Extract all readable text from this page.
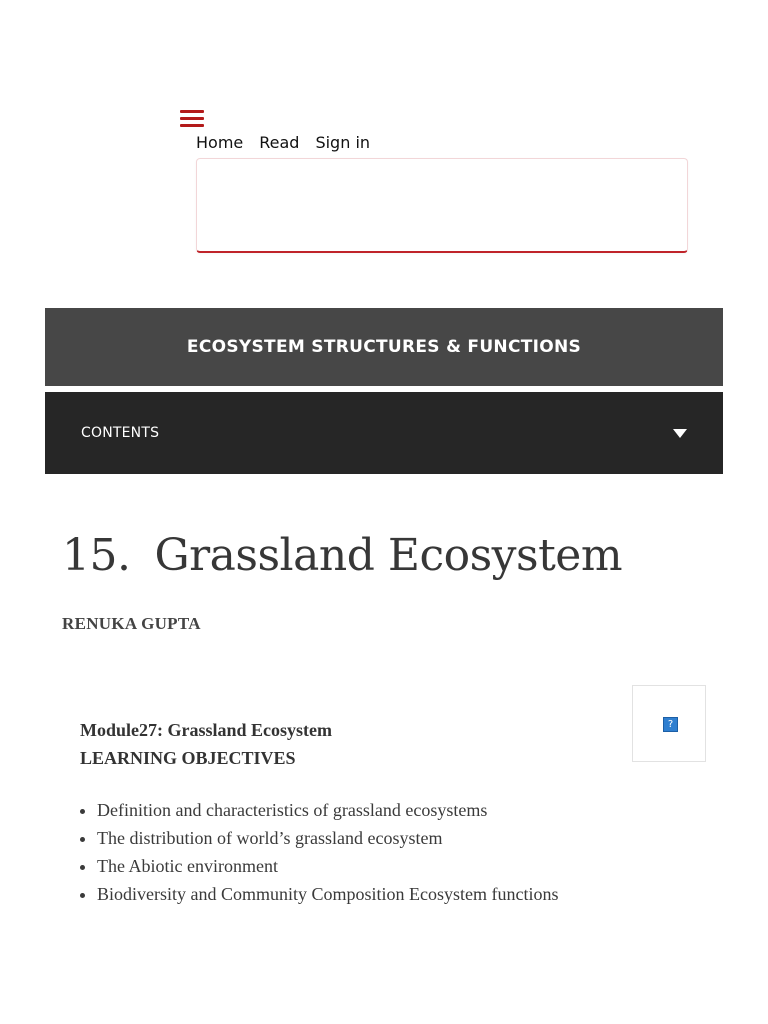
Home Read Sign in
ECOSYSTEM STRUCTURES & FUNCTIONS
CONTENTS
15. Grassland Ecosystem
RENUKA GUPTA
Module27: Grassland Ecosystem
LEARNING OBJECTIVES
?
• Definition and characteristics of grassland ecosystems
• The distribution of world’s grassland ecosystem
• The Abiotic environment
• Biodiversity and Community Composition Ecosystem functions
